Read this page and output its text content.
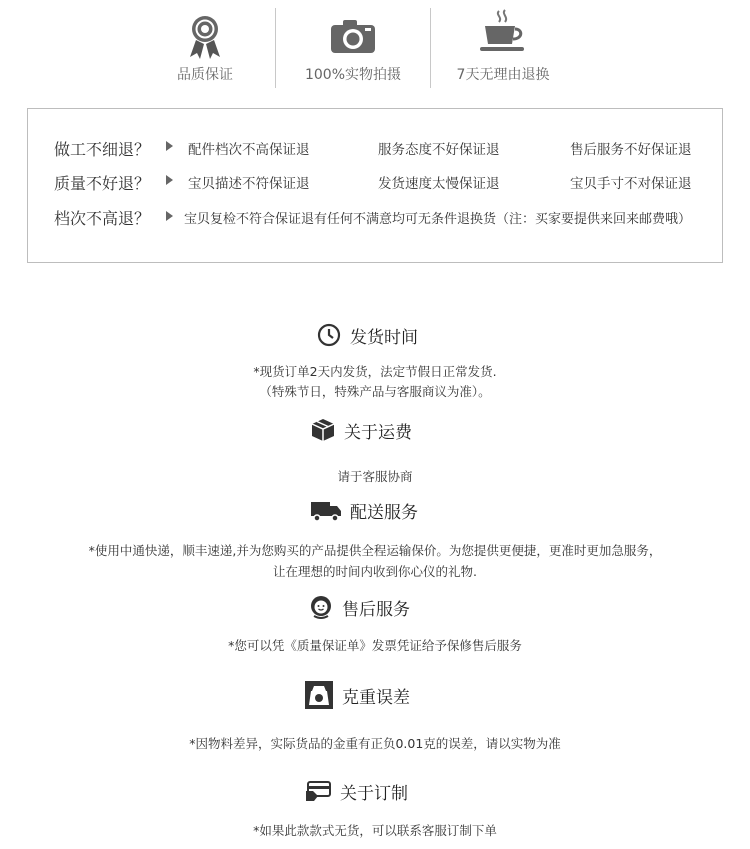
品质保证	100%实物拍摄	7天无理由退换
做工不细退？	配件档次不高保证退	服务态度不好保证退	售后服务不好保证退
质量不好退？	宝贝描述不符保证退	发货速度太慢保证退	宝贝手寸不对保证退
档次不高退？	宝贝复检不符合保证退有任何不满意均可无条件退换货（注：买家要提供来回来邮费哦）
发货时间
*现货订单2天内发货，法定节假日正常发货.
（特殊节日，特殊产品与客服商议为准）。
关于运费
请于客服协商
配送服务
*使用中通快递，顺丰速递,并为您购买的产品提供全程运输保价。为您提供更便捷，更准时更加急服务，
让在理想的时间内收到你心仪的礼物.
售后服务
*您可以凭《质量保证单》发票凭证给予保修售后服务
克重误差
*因物料差异，实际货品的金重有正负0.01克的误差，请以实物为准
关于订制
*如果此款款式无货，可以联系客服订制下单
